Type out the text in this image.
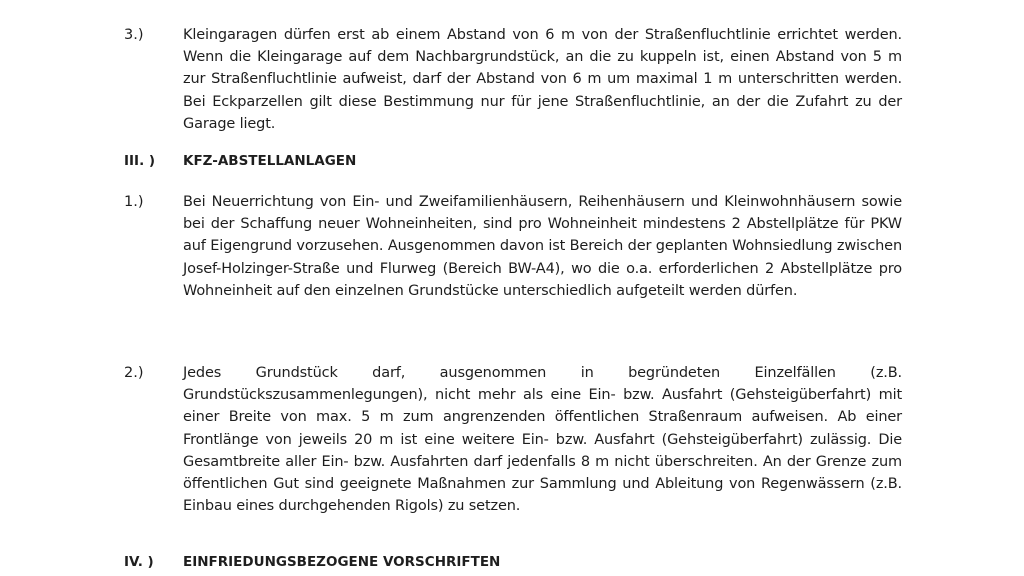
3.)	Kleingaragen dürfen erst ab einem Abstand von 6 m von der Straßenfluchtlinie errichtet werden. Wenn die Kleingarage auf dem Nachbargrundstück, an die zu kuppeln ist, einen Abstand von 5 m zur Straßenfluchtlinie aufweist, darf der Abstand von 6 m um maximal 1 m unterschritten werden. Bei Eckparzellen gilt diese Bestimmung nur für jene Straßenfluchtlinie, an der die Zufahrt zu der Garage liegt.
III. ) KFZ-ABSTELLANLAGEN
1.)	Bei Neuerrichtung von Ein- und Zweifamilienhäusern, Reihenhäusern und Kleinwohnhäusern sowie bei der Schaffung neuer Wohneinheiten, sind pro Wohneinheit mindestens 2 Abstellplätze für PKW auf Eigengrund vorzusehen. Ausgenommen davon ist Bereich der geplanten Wohnsiedlung zwischen Josef-Holzinger-Straße und Flurweg (Bereich BW-A4), wo die o.a. erforderlichen 2 Abstellplätze pro Wohneinheit auf den einzelnen Grundstücke unterschiedlich aufgeteilt werden dürfen.
2.)	Jedes Grundstück darf, ausgenommen in begründeten Einzelfällen (z.B. Grundstückszusammenlegungen), nicht mehr als eine Ein- bzw. Ausfahrt (Gehsteigüberfahrt) mit einer Breite von max. 5 m zum angrenzenden öffentlichen Straßenraum aufweisen. Ab einer Frontlänge von jeweils 20 m ist eine weitere Ein- bzw. Ausfahrt (Gehsteigüberfahrt) zulässig. Die Gesamtbreite aller Ein- bzw. Ausfahrten darf jedenfalls 8 m nicht überschreiten. An der Grenze zum öffentlichen Gut sind geeignete Maßnahmen zur Sammlung und Ableitung von Regenwässern (z.B. Einbau eines durchgehenden Rigols) zu setzen.
IV. ) EINFRIEDUNGSBEZOGENE VORSCHRIFTEN
